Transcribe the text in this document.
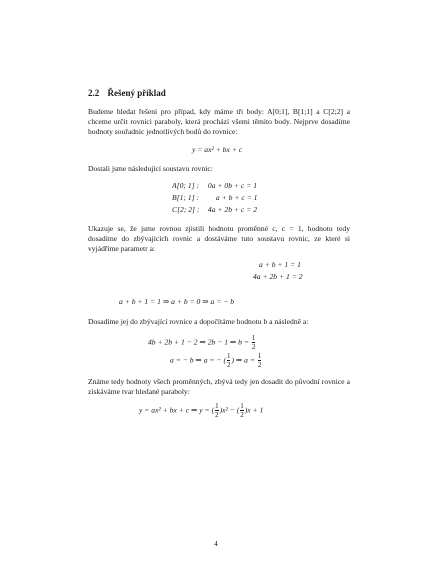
2.2 Řešený příklad
Budeme hledat řešení pro případ, kdy máme tři body: A[0;1], B[1;1] a C[2;2] a chceme určit rovnici paraboly, která prochází všemi těmito body. Nejprve dosadíme hodnoty souřadnic jednotlivých bodů do rovnice:
y = ax² + bx + c
Dostali jsme následující soustavu rovnic:
A[0; 1] : 0a + 0b + c = 1
B[1; 1] : a + b + c = 1
C[2; 2] : 4a + 2b + c = 2
Ukazuje se, že jsme rovnou zjistili hodnotu proměnné c, c = 1, hodnotu tedy dosadíme do zbývajících rovnic a dostáváme tuto soustavu rovnic, ze které si vyjádříme parametr a:
a + b + 1 = 1
4a + 2b + 1 = 2
a + b + 1 = 1 ⇒ a + b = 0 ⇒ a = − b
Dosadíme jej do zbývající rovnice a dopočítáme hodnotu b a následně a:
4b + 2b + 1 − 2 ⇒ 2b − 1 ⇒ $b = \frac{1}{2}$
a = − b ⇒ a = − ( $\frac{1}{2}$ ) ⇒ $a = \frac{1}{2}$
Známe tedy hodnoty všech proměnných, zbývá tedy jen dosadit do původní rovnice a získáváme tvar hledané paraboly:
y = ax² + bx + c ⇒ y = ( $\frac{1}{2} )x^2$ − ( $\frac{1}{2} )x + 1$
4
